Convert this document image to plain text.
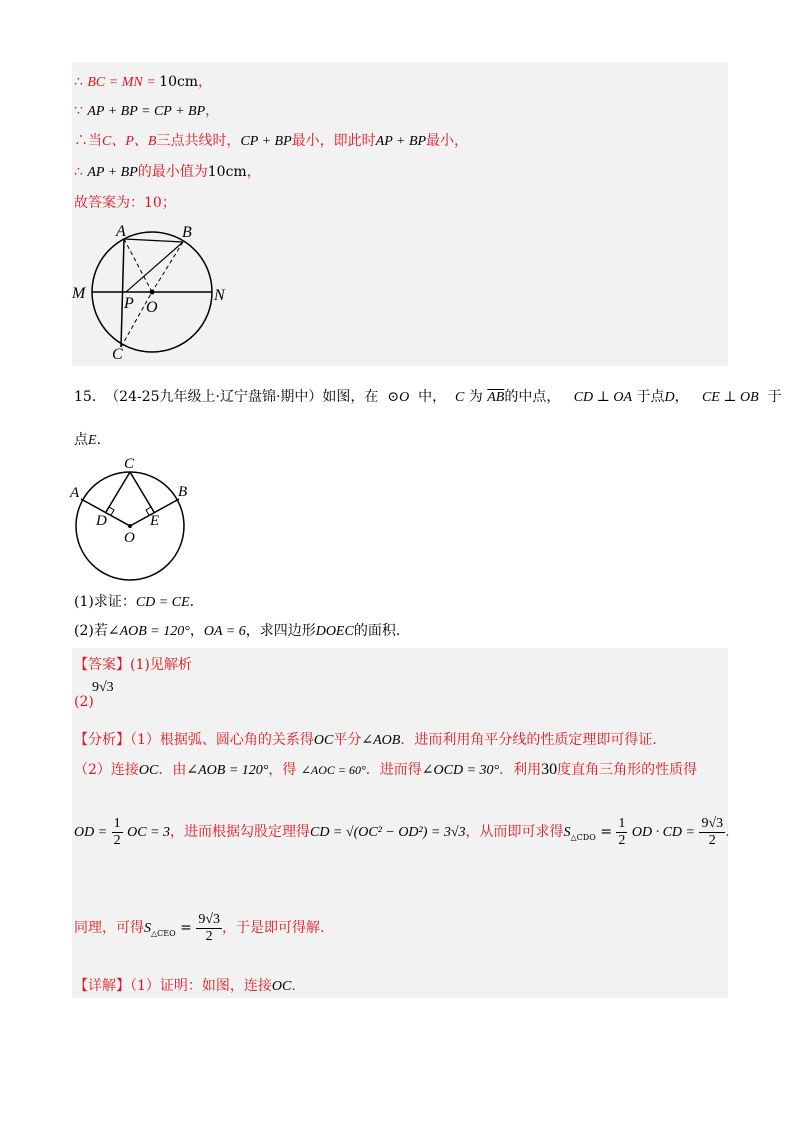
∴ BC = MN = 10cm，
∵ AP + BP = CP + BP，
∴当C、P、B三点共线时，CP + BP最小，即此时AP + BP最小，
∴ AP + BP的最小值为10cm，
故答案为：10；
A	B
M	N
P O
C
15. （24-25九年级上·辽宁盘锦·期中）如图，在 ⊙O 中， C 为 $\overline{AB}$的中点， CD ⊥ OA 于点D， CE ⊥ OB 于
点E.
C
A	B
D	E
O
(1)求证：CD = CE.
(2)若∠AOB = 120°，OA = 6，求四边形DOEC的面积.
【答案】(1)见解析
9√3
(2)
【分析】（1）根据弧、圆心角的关系得OC平分∠AOB．进而利用角平分线的性质定理即可得证．
（2）连接OC．由∠AOB = 120°，得 ∠AOC = 60°．进而得∠OCD = 30°．利用30度直角三角形的性质得
OD = $\frac{1}{2}$ OC = 3，进而根据勾股定理得CD = √(OC² − OD²) = 3√3，从而即可求得$S_{\triangle CDO} = \frac{1}{2}$ OD · CD = $\frac{9√3}{2}$ .
同理，可得$S_{\triangle CEO} = \frac{9√3}{2}$ ，于是即可得解.
【详解】（1）证明：如图，连接OC.
